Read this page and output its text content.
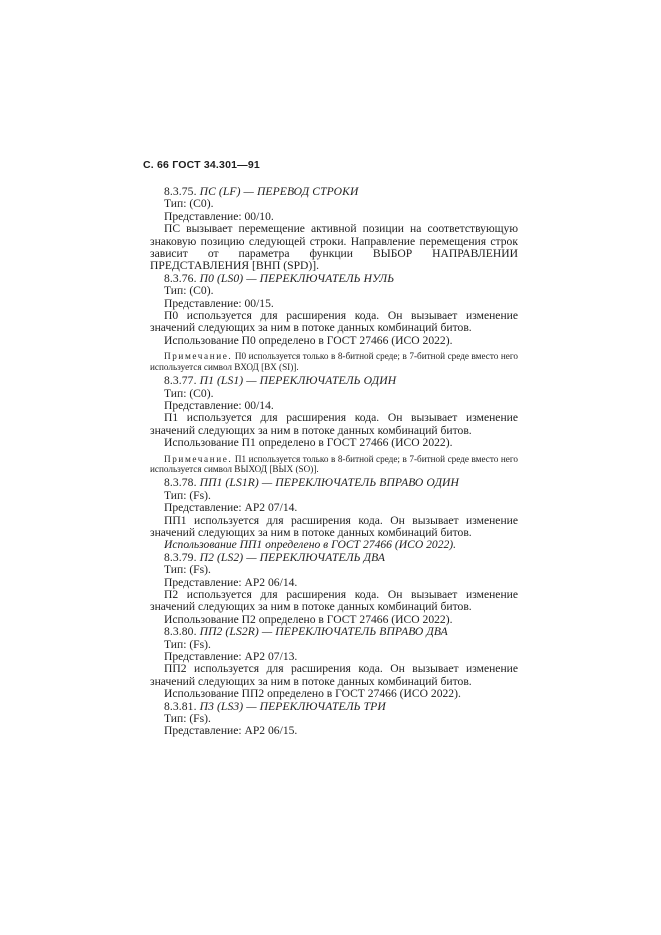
С. 66 ГОСТ 34.301—91

8.3.75. ПС (LF) — ПЕРЕВОД СТРОКИ

Тип: (C0).

Представление: 00/10.

ПС вызывает перемещение активной позиции на соответствующую знаковую позицию следующей строки. Направление перемещения строк зависит от параметра функции ВЫБОР НАПРАВЛЕНИИ ПРЕДСТАВЛЕНИЯ [ВНП (SPD)].

8.3.76. П0 (LS0) — ПЕРЕКЛЮЧАТЕЛЬ НУЛЬ

Тип: (C0).

Представление: 00/15.

П0 используется для расширения кода. Он вызывает изменение значений следующих за ним в потоке данных комбинаций битов.

Использование П0 определено в ГОСТ 27466 (ИСО 2022).

Примечание. П0 используется только в 8-битной среде; в 7-битной среде вместо него используется символ ВХОД [ВХ (SI)].

8.3.77. П1 (LS1) — ПЕРЕКЛЮЧАТЕЛЬ ОДИН

Тип: (C0).

Представление: 00/14.

П1 используется для расширения кода. Он вызывает изменение значений следующих за ним в потоке данных комбинаций битов.

Использование П1 определено в ГОСТ 27466 (ИСО 2022).

Примечание. П1 используется только в 8-битной среде; в 7-битной среде вместо него используется символ ВЫХОД [ВЫХ (SO)].

8.3.78. ПП1 (LS1R) — ПЕРЕКЛЮЧАТЕЛЬ ВПРАВО ОДИН

Тип: (Fs).

Представление: АР2 07/14.

ПП1 используется для расширения кода. Он вызывает изменение значений следующих за ним в потоке данных комбинаций битов.

Использование ПП1 определено в ГОСТ 27466 (ИСО 2022).

8.3.79. П2 (LS2) — ПЕРЕКЛЮЧАТЕЛЬ ДВА

Тип: (Fs).

Представление: АР2 06/14.

П2 используется для расширения кода. Он вызывает изменение значений следующих за ним в потоке данных комбинаций битов.

Использование П2 определено в ГОСТ 27466 (ИСО 2022).

8.3.80. ПП2 (LS2R) — ПЕРЕКЛЮЧАТЕЛЬ ВПРАВО ДВА

Тип: (Fs).

Представление: АР2 07/13.

ПП2 используется для расширения кода. Он вызывает изменение значений следующих за ним в потоке данных комбинаций битов.

Использование ПП2 определено в ГОСТ 27466 (ИСО 2022).

8.3.81. П3 (LS3) — ПЕРЕКЛЮЧАТЕЛЬ ТРИ

Тип: (Fs).

Представление: АР2 06/15.
